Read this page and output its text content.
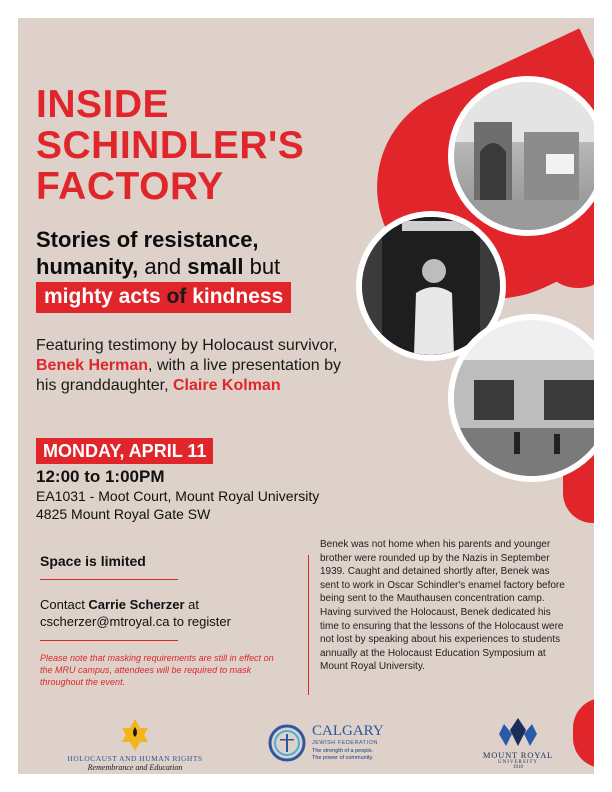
INSIDE
SCHINDLER'S
FACTORY
Stories of resistance,
humanity, and small but
mighty acts of kindness
Featuring testimony by Holocaust survivor, Benek Herman, with a live presentation by his granddaughter, Claire Kolman
MONDAY, APRIL 11
12:00 to 1:00PM
EA1031 - Moot Court, Mount Royal University
4825 Mount Royal Gate SW
Space is limited
Contact Carrie Scherzer at
cscherzer@mtroyal.ca to register
Please note that masking requirements are still in effect on the MRU campus, attendees will be required to mask throughout the event.
Benek was not home when his parents and younger brother were rounded up by the Nazis in September 1939. Caught and detained shortly after, Benek was sent to work in Oscar Schindler's enamel factory before being sent to the Mauthausen concentration camp. Having survived the Holocaust, Benek dedicated his time to ensuring that the lessons of the Holocaust were not lost by speaking about his experiences to students annually at the Holocaust Education Symposium at Mount Royal University.
HOLOCAUST AND HUMAN RIGHTS
Remembrance and Education
CALGARY
JEWISH FEDERATION
The strength of a people.
The power of community.	MOUNT ROYAL
UNIVERSITY
1910
